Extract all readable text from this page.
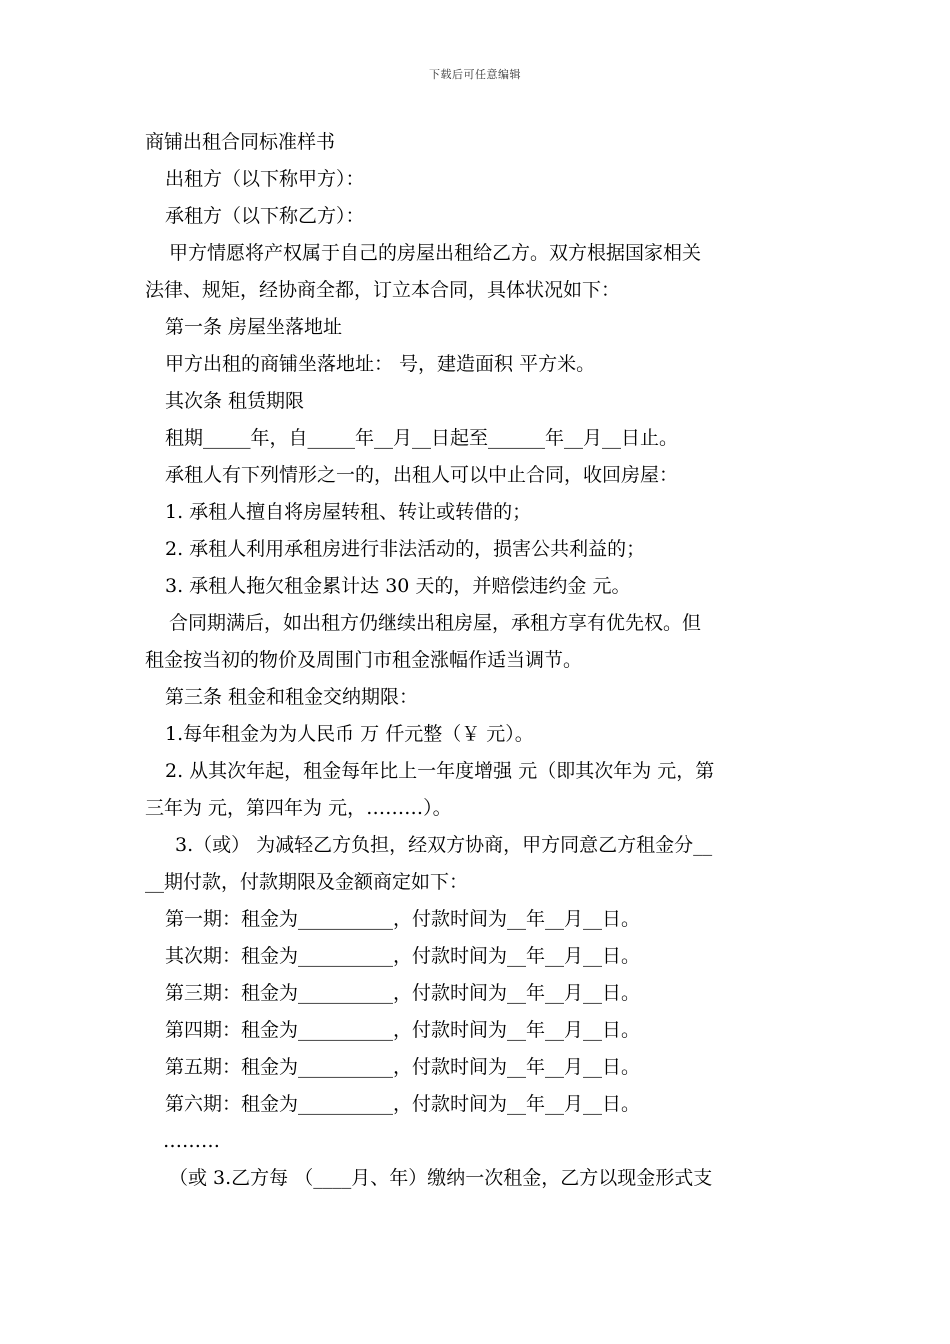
下载后可任意编辑

商铺出租合同标准样书

出租方（以下称甲方）：

承租方（以下称乙方）：

甲方情愿将产权属于自己的房屋出租给乙方。双方根据国家相关

法律、规矩，经协商全都，订立本合同，具体状况如下：

第一条 房屋坐落地址

甲方出租的商铺坐落地址： 号，建造面积 平方米。

其次条 租赁期限

租期_____年，自_____年__月__日起至______年__月__日止。

承租人有下列情形之一的，出租人可以中止合同，收回房屋：

1. 承租人擅自将房屋转租、转让或转借的；

2. 承租人利用承租房进行非法活动的，损害公共利益的；

3. 承租人拖欠租金累计达 30 天的，并赔偿违约金 元。

合同期满后，如出租方仍继续出租房屋，承租方享有优先权。但

租金按当初的物价及周围门市租金涨幅作适当调节。

第三条 租金和租金交纳期限：

1.每年租金为为人民币 万 仟元整（￥ 元）。

2. 从其次年起，租金每年比上一年度增强 元（即其次年为 元，第

三年为 元，第四年为 元，………）。

3.（或） 为减轻乙方负担，经双方协商，甲方同意乙方租金分__

__期付款，付款期限及金额商定如下：

第一期：租金为__________，付款时间为__年__月__日。

其次期：租金为__________，付款时间为__年__月__日。

第三期：租金为__________，付款时间为__年__月__日。

第四期：租金为__________，付款时间为__年__月__日。

第五期：租金为__________，付款时间为__年__月__日。

第六期：租金为__________，付款时间为__年__月__日。

………

（或 3.乙方每 （____月、年）缴纳一次租金，乙方以现金形式支
